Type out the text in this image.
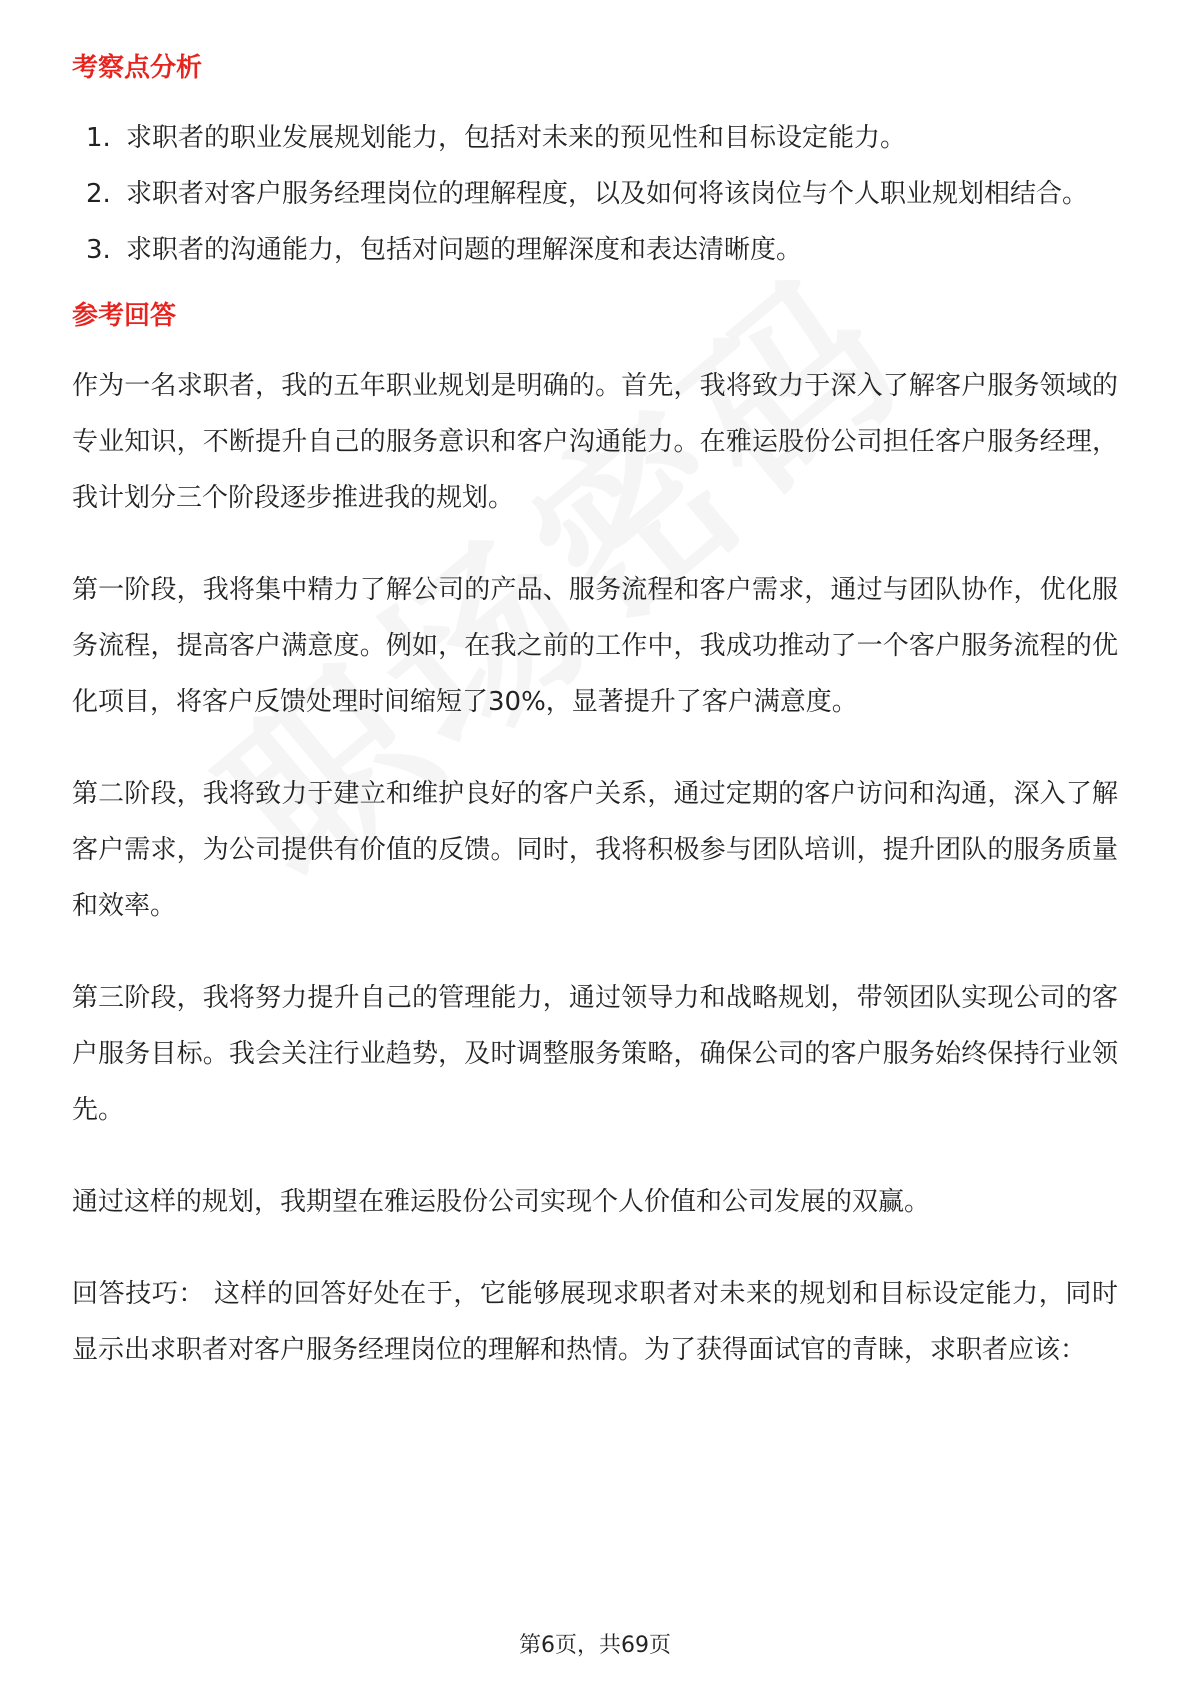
考察点分析
1. 求职者的职业发展规划能力，包括对未来的预见性和目标设定能力。
2. 求职者对客户服务经理岗位的理解程度，以及如何将该岗位与个人职业规划相结合。
3. 求职者的沟通能力，包括对问题的理解深度和表达清晰度。
参考回答

作为一名求职者，我的五年职业规划是明确的。首先，我将致力于深入了解客户服务领域的专业知识，不断提升自己的服务意识和客户沟通能力。在雅运股份公司担任客户服务经理，我计划分三个阶段逐步推进我的规划。

第一阶段，我将集中精力了解公司的产品、服务流程和客户需求，通过与团队协作，优化服务流程，提高客户满意度。例如，在我之前的工作中，我成功推动了一个客户服务流程的优化项目，将客户反馈处理时间缩短了30%，显著提升了客户满意度。

第二阶段，我将致力于建立和维护良好的客户关系，通过定期的客户访问和沟通，深入了解客户需求，为公司提供有价值的反馈。同时，我将积极参与团队培训，提升团队的服务质量和效率。

第三阶段，我将努力提升自己的管理能力，通过领导力和战略规划，带领团队实现公司的客户服务目标。我会关注行业趋势，及时调整服务策略，确保公司的客户服务始终保持行业领先。

通过这样的规划，我期望在雅运股份公司实现个人价值和公司发展的双赢。

回答技巧： 这样的回答好处在于，它能够展现求职者对未来的规划和目标设定能力，同时显示出求职者对客户服务经理岗位的理解和热情。为了获得面试官的青睐，求职者应该：

第6页，共69页
